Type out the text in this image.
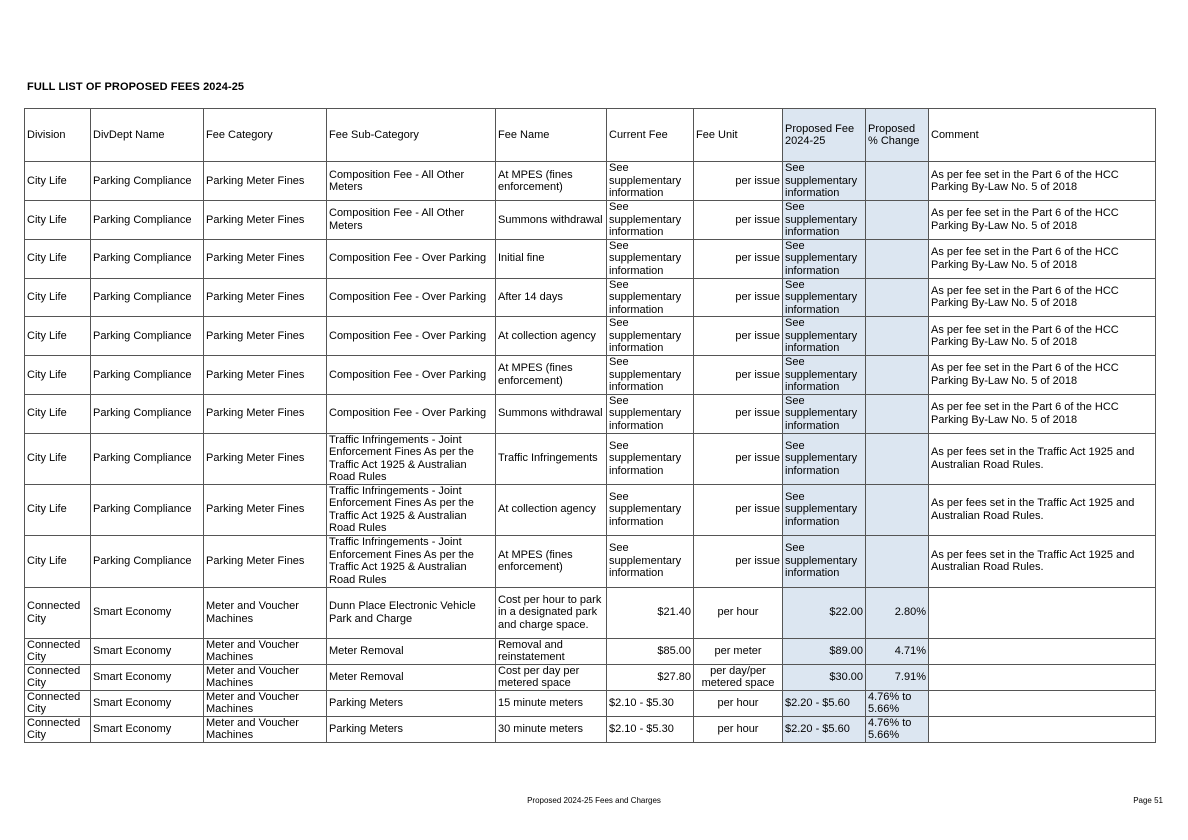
FULL LIST OF PROPOSED FEES 2024-25
Division	DivDept Name	Fee Category	Fee Sub-Category	Fee Name	Current Fee	Fee Unit	Proposed Fee 2024-25	Proposed % Change	Comment
City Life	Parking Compliance	Parking Meter Fines	Composition Fee - All Other Meters	At MPES (fines enforcement)	See supplementary information	per issue	See supplementary information		As per fee set in the Part 6 of the HCC Parking By-Law No. 5 of 2018
City Life	Parking Compliance	Parking Meter Fines	Composition Fee - All Other Meters	Summons withdrawal	See supplementary information	per issue	See supplementary information		As per fee set in the Part 6 of the HCC Parking By-Law No. 5 of 2018
City Life	Parking Compliance	Parking Meter Fines	Composition Fee - Over Parking	Initial fine	See supplementary information	per issue	See supplementary information		As per fee set in the Part 6 of the HCC Parking By-Law No. 5 of 2018
City Life	Parking Compliance	Parking Meter Fines	Composition Fee - Over Parking	After 14 days	See supplementary information	per issue	See supplementary information		As per fee set in the Part 6 of the HCC Parking By-Law No. 5 of 2018
City Life	Parking Compliance	Parking Meter Fines	Composition Fee - Over Parking	At collection agency	See supplementary information	per issue	See supplementary information		As per fee set in the Part 6 of the HCC Parking By-Law No. 5 of 2018
City Life	Parking Compliance	Parking Meter Fines	Composition Fee - Over Parking	At MPES (fines enforcement)	See supplementary information	per issue	See supplementary information		As per fee set in the Part 6 of the HCC Parking By-Law No. 5 of 2018
City Life	Parking Compliance	Parking Meter Fines	Composition Fee - Over Parking	Summons withdrawal	See supplementary information	per issue	See supplementary information		As per fee set in the Part 6 of the HCC Parking By-Law No. 5 of 2018
City Life	Parking Compliance	Parking Meter Fines	Traffic Infringements - Joint Enforcement Fines As per the Traffic Act 1925 & Australian Road Rules	Traffic Infringements	See supplementary information	per issue	See supplementary information		As per fees set in the Traffic Act 1925 and Australian Road Rules.
City Life	Parking Compliance	Parking Meter Fines	Traffic Infringements - Joint Enforcement Fines As per the Traffic Act 1925 & Australian Road Rules	At collection agency	See supplementary information	per issue	See supplementary information		As per fees set in the Traffic Act 1925 and Australian Road Rules.
City Life	Parking Compliance	Parking Meter Fines	Traffic Infringements - Joint Enforcement Fines As per the Traffic Act 1925 & Australian Road Rules	At MPES (fines enforcement)	See supplementary information	per issue	See supplementary information		As per fees set in the Traffic Act 1925 and Australian Road Rules.
Connected City	Smart Economy	Meter and Voucher Machines	Dunn Place Electronic Vehicle Park and Charge	Cost per hour to park in a designated park and charge space.	$21.40	per hour	$22.00	2.80%	
Connected City	Smart Economy	Meter and Voucher Machines	Meter Removal	Removal and reinstatement	$85.00	per meter	$89.00	4.71%	
Connected City	Smart Economy	Meter and Voucher Machines	Meter Removal	Cost per day per metered space	$27.80	per day/per metered space	$30.00	7.91%	
Connected City	Smart Economy	Meter and Voucher Machines	Parking Meters	15 minute meters	$2.10 - $5.30	per hour	$2.20 - $5.60	4.76% to 5.66%	
Connected City	Smart Economy	Meter and Voucher Machines	Parking Meters	30 minute meters	$2.10 - $5.30	per hour	$2.20 - $5.60	4.76% to 5.66%	
Proposed 2024-25 Fees and Charges	Page 51
